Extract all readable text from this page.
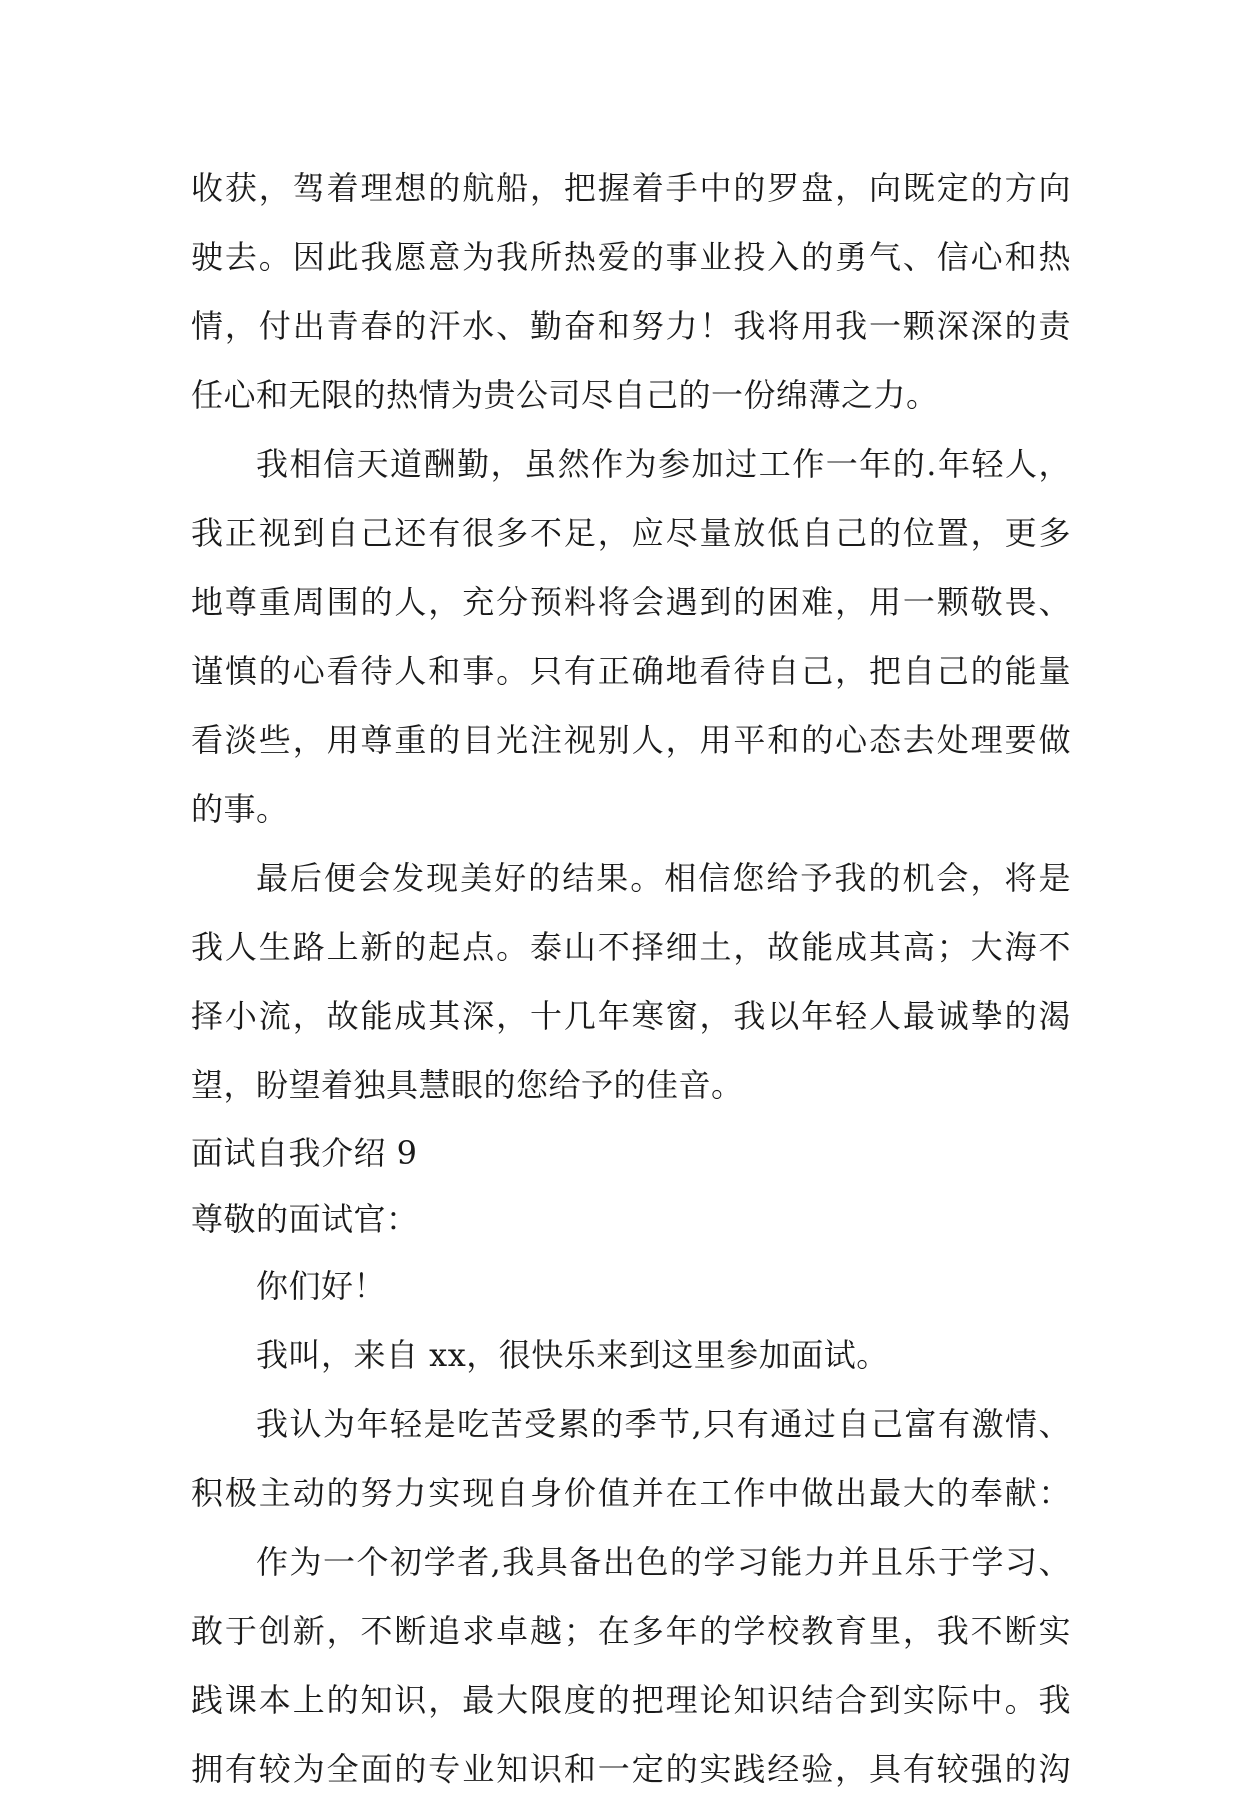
收获，驾着理想的航船，把握着手中的罗盘，向既定的方向
驶去。因此我愿意为我所热爱的事业投入的勇气、信心和热
情，付出青春的汗水、勤奋和努力！我将用我一颗深深的责
任心和无限的热情为贵公司尽自己的一份绵薄之力。
我相信天道酬勤，虽然作为参加过工作一年的.年轻人，
我正视到自己还有很多不足，应尽量放低自己的位置，更多
地尊重周围的人，充分预料将会遇到的困难，用一颗敬畏、
谨慎的心看待人和事。只有正确地看待自己，把自己的能量
看淡些，用尊重的目光注视别人，用平和的心态去处理要做
的事。
最后便会发现美好的结果。相信您给予我的机会，将是
我人生路上新的起点。泰山不择细土，故能成其高；大海不
择小流，故能成其深，十几年寒窗，我以年轻人最诚挚的渴
望，盼望着独具慧眼的您给予的佳音。
面试自我介绍 9
尊敬的面试官：
你们好！
我叫，来自 xx，很快乐来到这里参加面试。
我认为年轻是吃苦受累的季节,只有通过自己富有激情、
积极主动的努力实现自身价值并在工作中做出最大的奉献：
作为一个初学者,我具备出色的学习能力并且乐于学习、
敢于创新，不断追求卓越；在多年的学校教育里，我不断实
践课本上的知识，最大限度的把理论知识结合到实际中。我
拥有较为全面的专业知识和一定的实践经验，具有较强的沟
